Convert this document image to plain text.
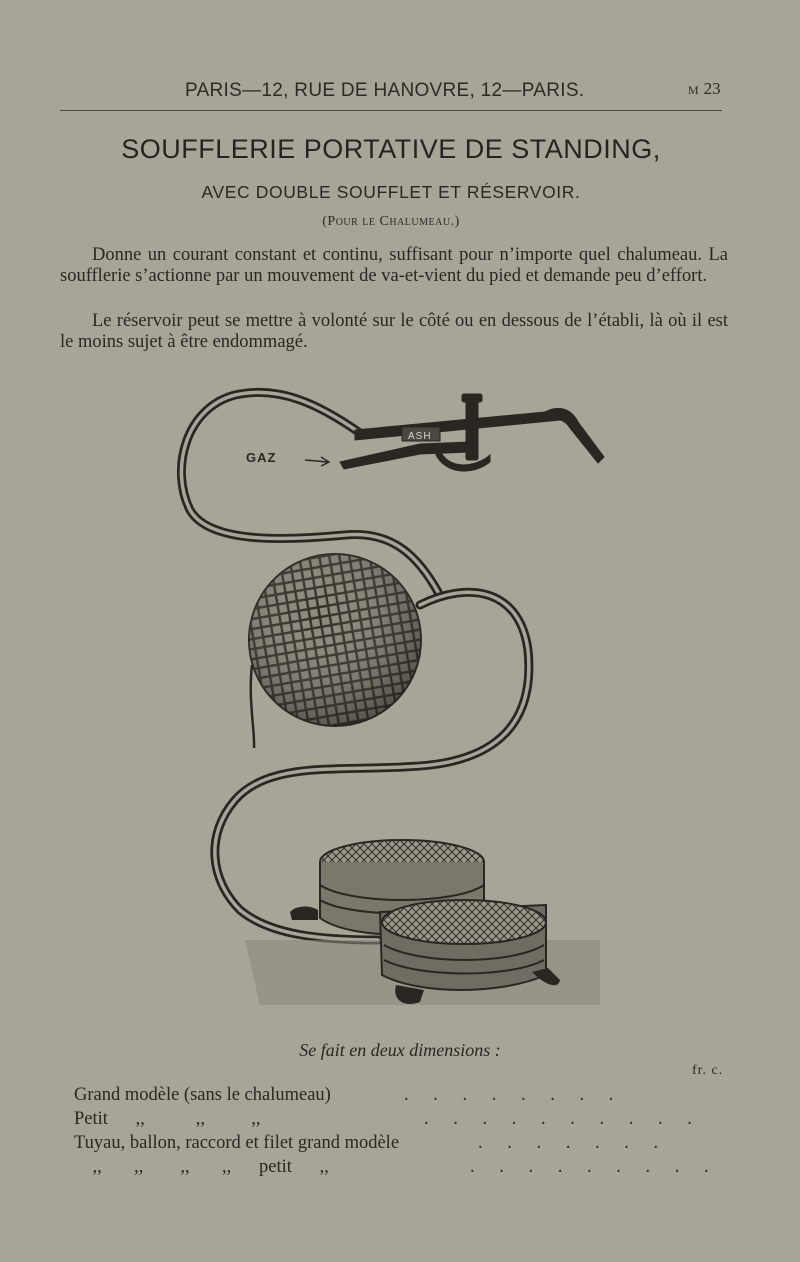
PARIS—12, RUE DE HANOVRE, 12—PARIS.	M 23
SOUFFLERIE PORTATIVE DE STANDING,
AVEC DOUBLE SOUFFLET ET RÉSERVOIR.
(Pour le Chalumeau.)
Donne un courant constant et continu, suffisant pour n’importe quel chalumeau. La soufflerie s’actionne par un mouvement de va-et-vient du pied et demande peu d’effort.
Le réservoir peut se mettre à volonté sur le côté ou en dessous de l’établi, là où il est le moins sujet à être endommagé.
ASH
GAZ
Se fait en deux dimensions :
fr. c.
Grand modèle (sans le chalumeau)	. . . . . . . .
Petit      ,,           ,,          ,,	. . . . . . . . . .
Tuyau, ballon, raccord et filet grand modèle	. . . . . . .
,,       ,,        ,,       ,,      petit      ,,	. . . . . . . . .
